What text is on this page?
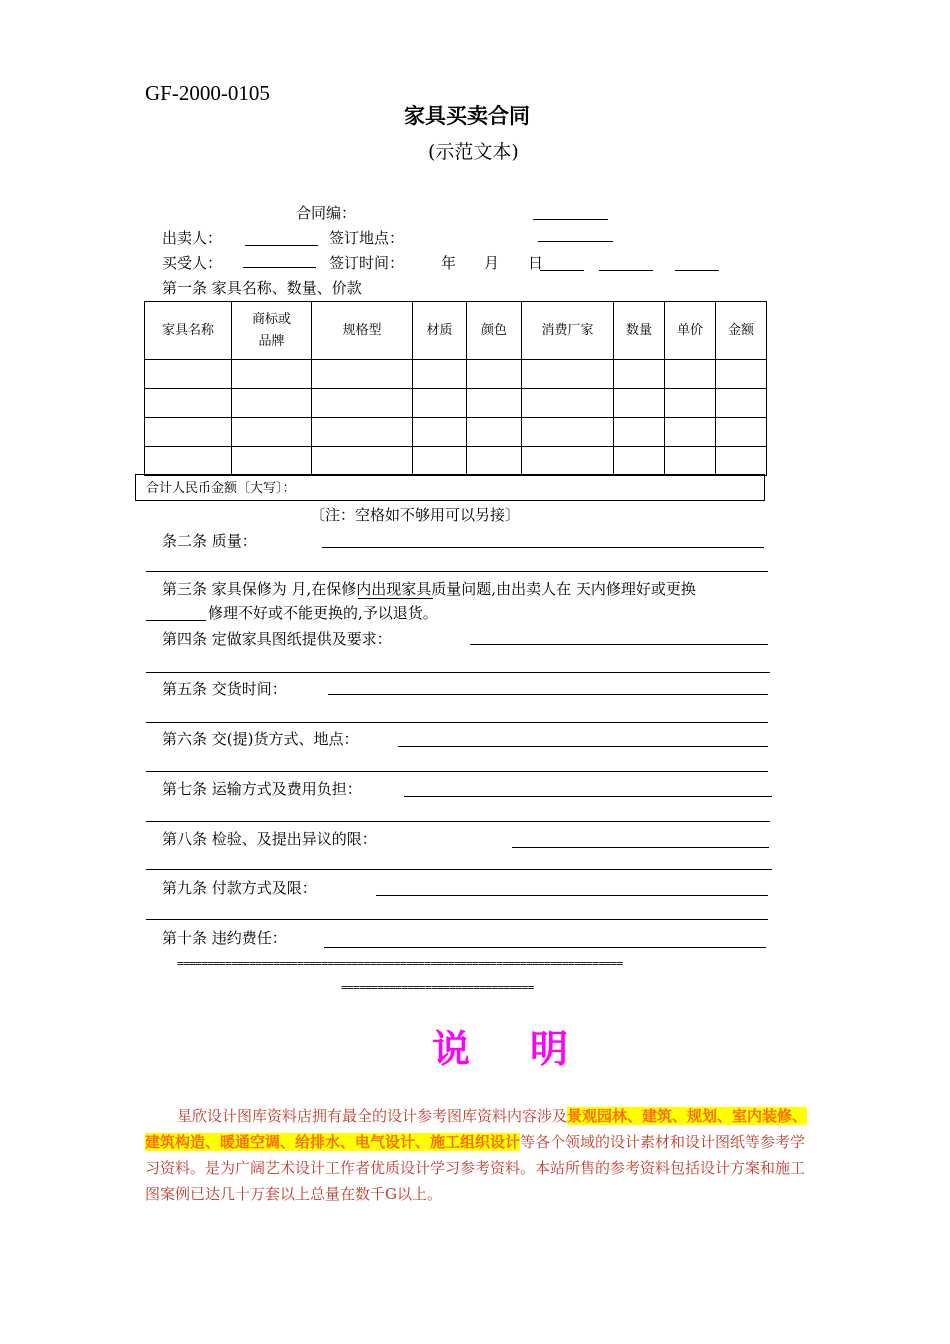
GF-2000-0105
家具买卖合同
(示范文本)
合同编：
出卖人：	签订地点：
买受人：	签订时间： 年 月 日
第一条 家具名称、数量、价款
家具名称	商标或品牌	规格型	材质	颜色	消费厂家	数量	单价	金额

合计人民币金额〔大写〕：
〔注：空格如不够用可以另接〕
条二条 质量：
第三条 家具保修为 月,在保修内出现家具质量问题,由出卖人在 天内修理好或更换
修理不好或不能更换的,予以退货。
第四条 定做家具图纸提供及要求：
第五条 交货时间：
第六条 交(提)货方式、地点：
第七条 运输方式及费用负担：
第八条 检验、及提出异议的限：
第九条 付款方式及限：
第十条 违约费任：
==========================================================================
================================
说明
星欣设计图库资料店拥有最全的设计参考图库资料内容涉及景观园林、建筑、规划、室内装修、建筑构造、暖通空调、给排水、电气设计、施工组织设计等各个领域的设计素材和设计图纸等参考学习资料。是为广阔艺术设计工作者优质设计学习参考资料。本站所售的参考资料包括设计方案和施工图案例已达几十万套以上总量在数千G以上。
